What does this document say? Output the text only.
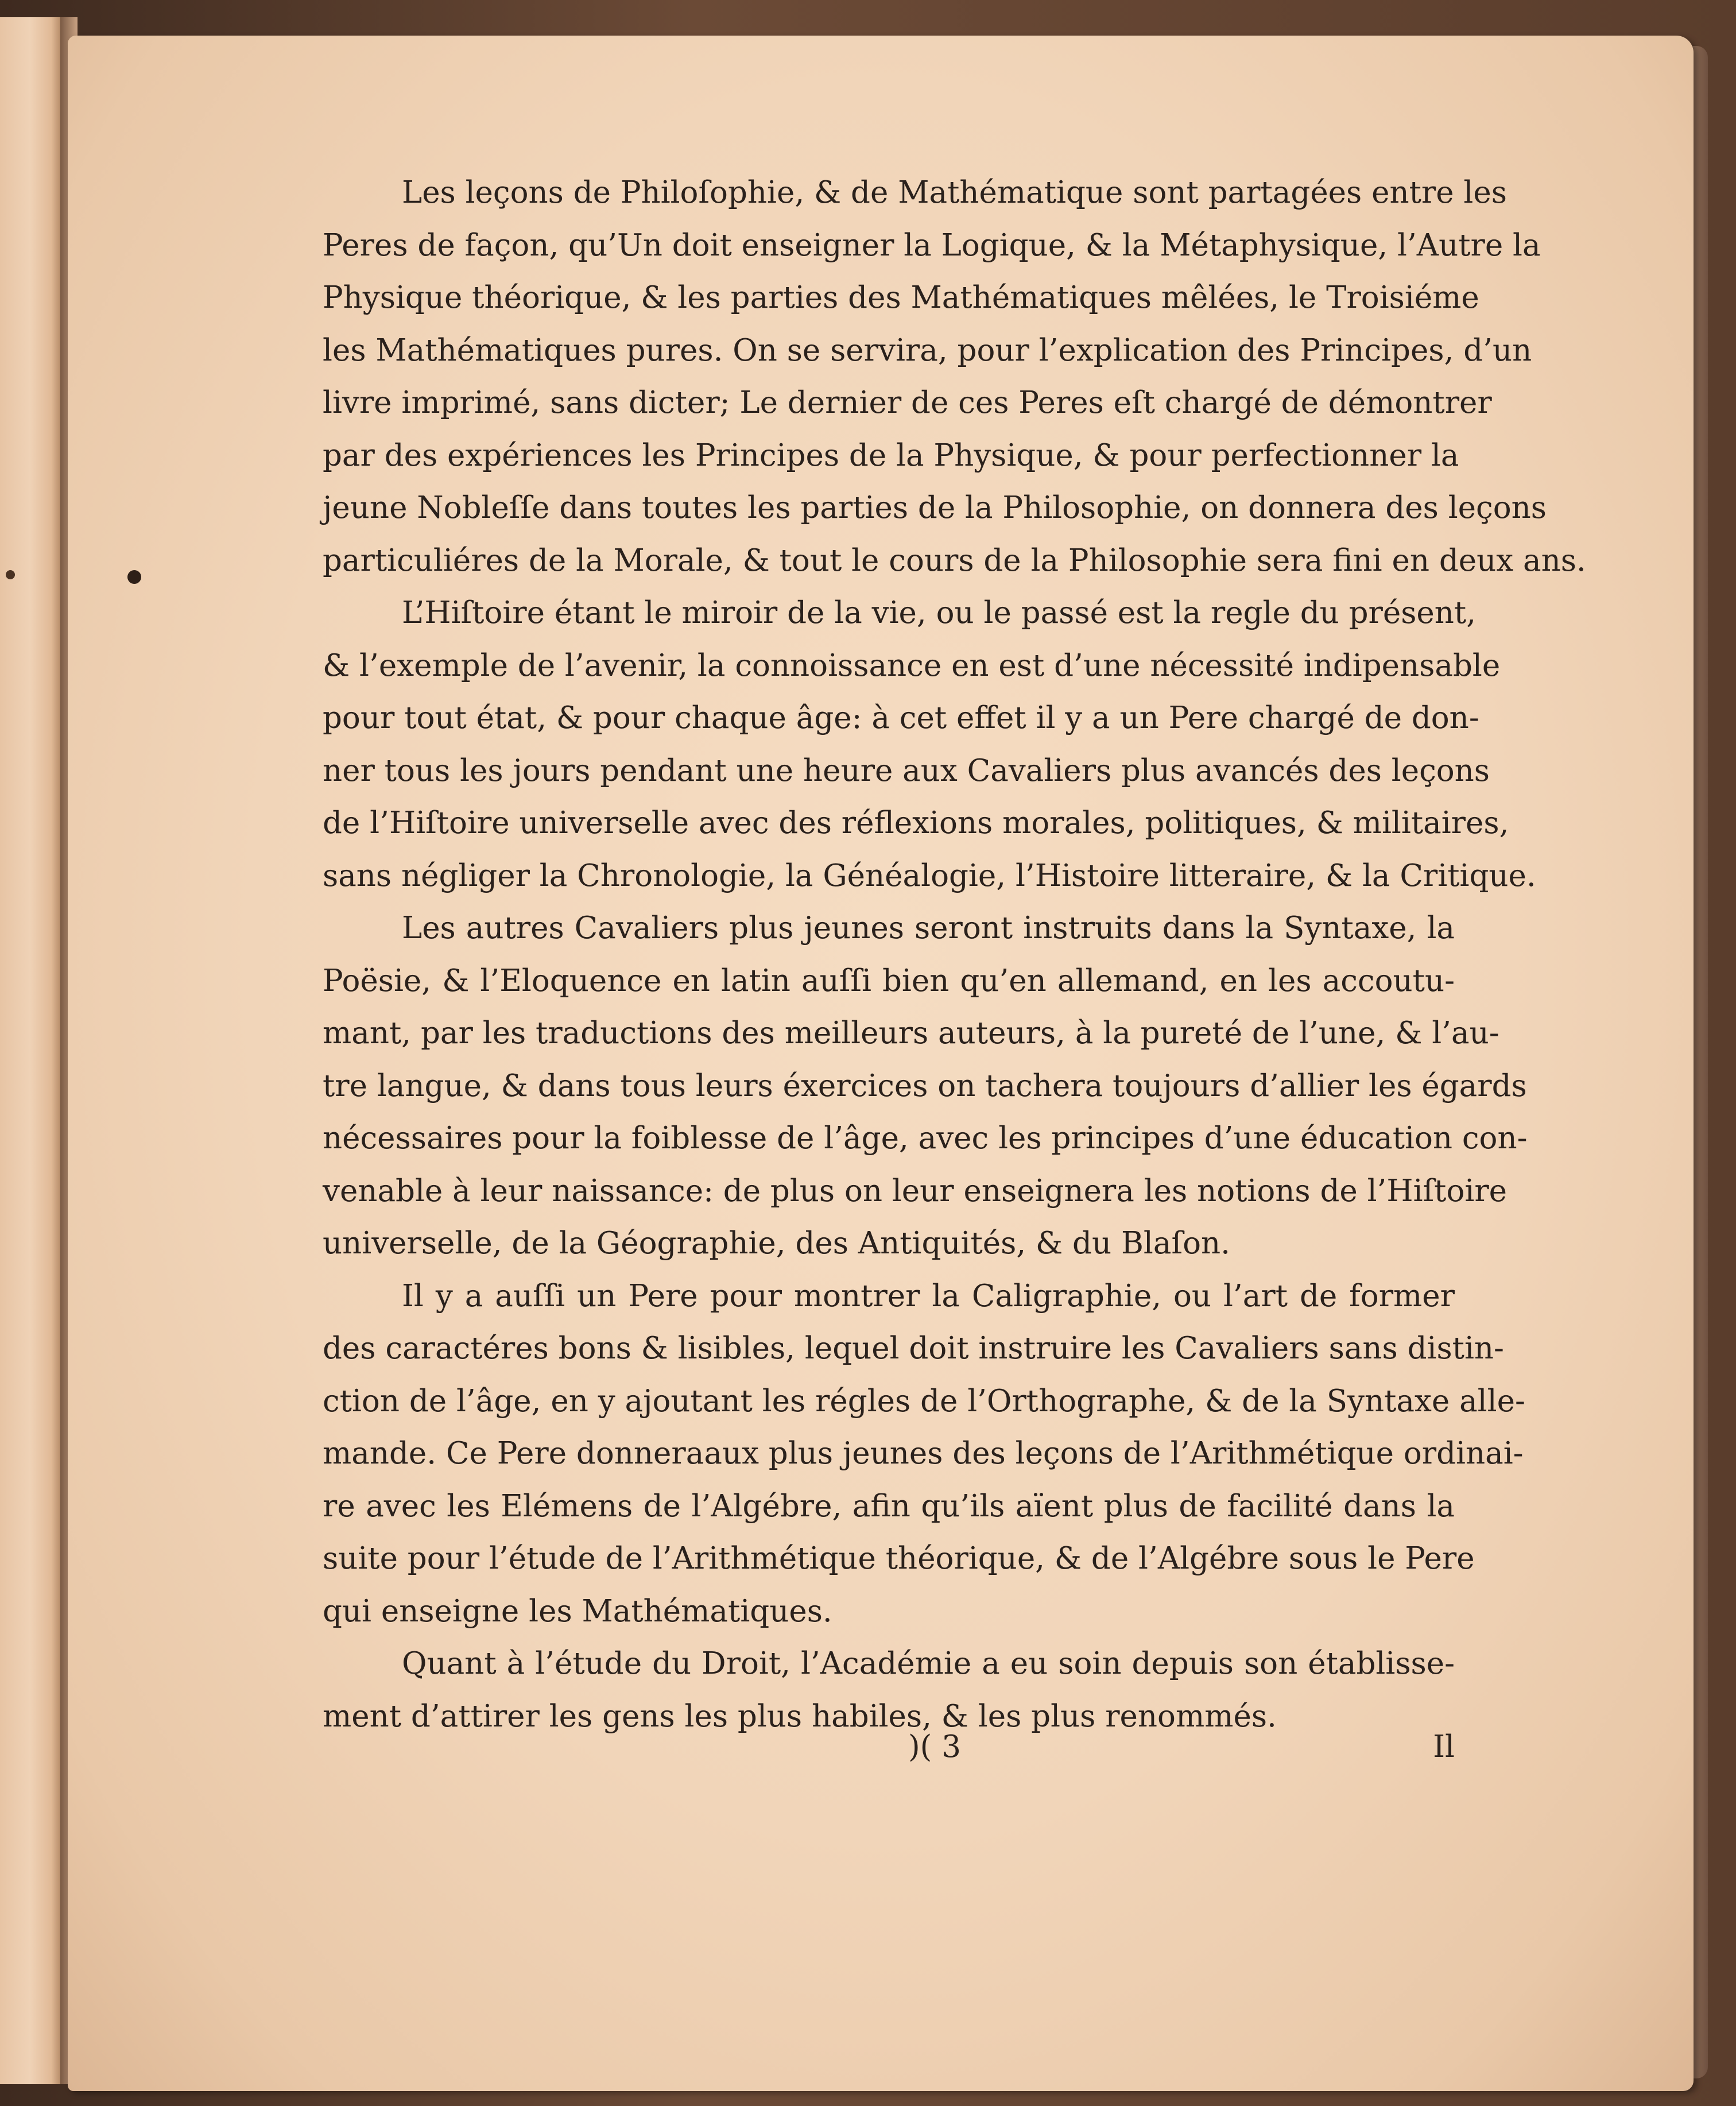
Les leçons de Philoſophie, & de Mathématique sont partagées entre les
Peres de façon, qu’Un doit enseigner la Logique, & la Métaphysique, l’Autre la
Physique théorique, & les parties des Mathématiques mêlées, le Troisiéme
les Mathématiques pures. On se servira, pour l’explication des Principes, d’un
livre imprimé, sans dicter; Le dernier de ces Peres eſt chargé de démontrer
par des expériences les Principes de la Physique, & pour perfectionner la
jeune Nobleſſe dans toutes les parties de la Philosophie, on donnera des leçons
particuliéres de la Morale, & tout le cours de la Philosophie sera fini en deux ans.
L’Hiſtoire étant le miroir de la vie, ou le passé est la regle du présent,
& l’exemple de l’avenir, la connoissance en est d’une nécessité indipensable
pour tout état, & pour chaque âge: à cet effet il y a un Pere chargé de don-
ner tous les jours pendant une heure aux Cavaliers plus avancés des leçons
de l’Hiſtoire universelle avec des réflexions morales, politiques, & militaires,
sans négliger la Chronologie, la Généalogie, l’Histoire litteraire, & la Critique.
Les autres Cavaliers plus jeunes seront instruits dans la Syntaxe, la
Poësie, & l’Eloquence en latin auſſi bien qu’en allemand, en les accoutu-
mant, par les traductions des meilleurs auteurs, à la pureté de l’une, & l’au-
tre langue, & dans tous leurs éxercices on tachera toujours d’allier les égards
nécessaires pour la foiblesse de l’âge, avec les principes d’une éducation con-
venable à leur naissance: de plus on leur enseignera les notions de l’Hiſtoire
universelle, de la Géographie, des Antiquités, & du Blaſon.
Il y a auſſi un Pere pour montrer la Caligraphie, ou l’art de former
des caractéres bons & lisibles, lequel doit instruire les Cavaliers sans distin-
ction de l’âge, en y ajoutant les régles de l’Orthographe, & de la Syntaxe alle-
mande. Ce Pere donneraaux plus jeunes des leçons de l’Arithmétique ordinai-
re avec les Elémens de l’Algébre, afin qu’ils aïent plus de facilité dans la
suite pour l’étude de l’Arithmétique théorique, & de l’Algébre sous le Pere
qui enseigne les Mathématiques.
Quant à l’étude du Droit, l’Académie a eu soin depuis son établisse-
ment d’attirer les gens les plus habiles, & les plus renommés.
)( 3	Il
